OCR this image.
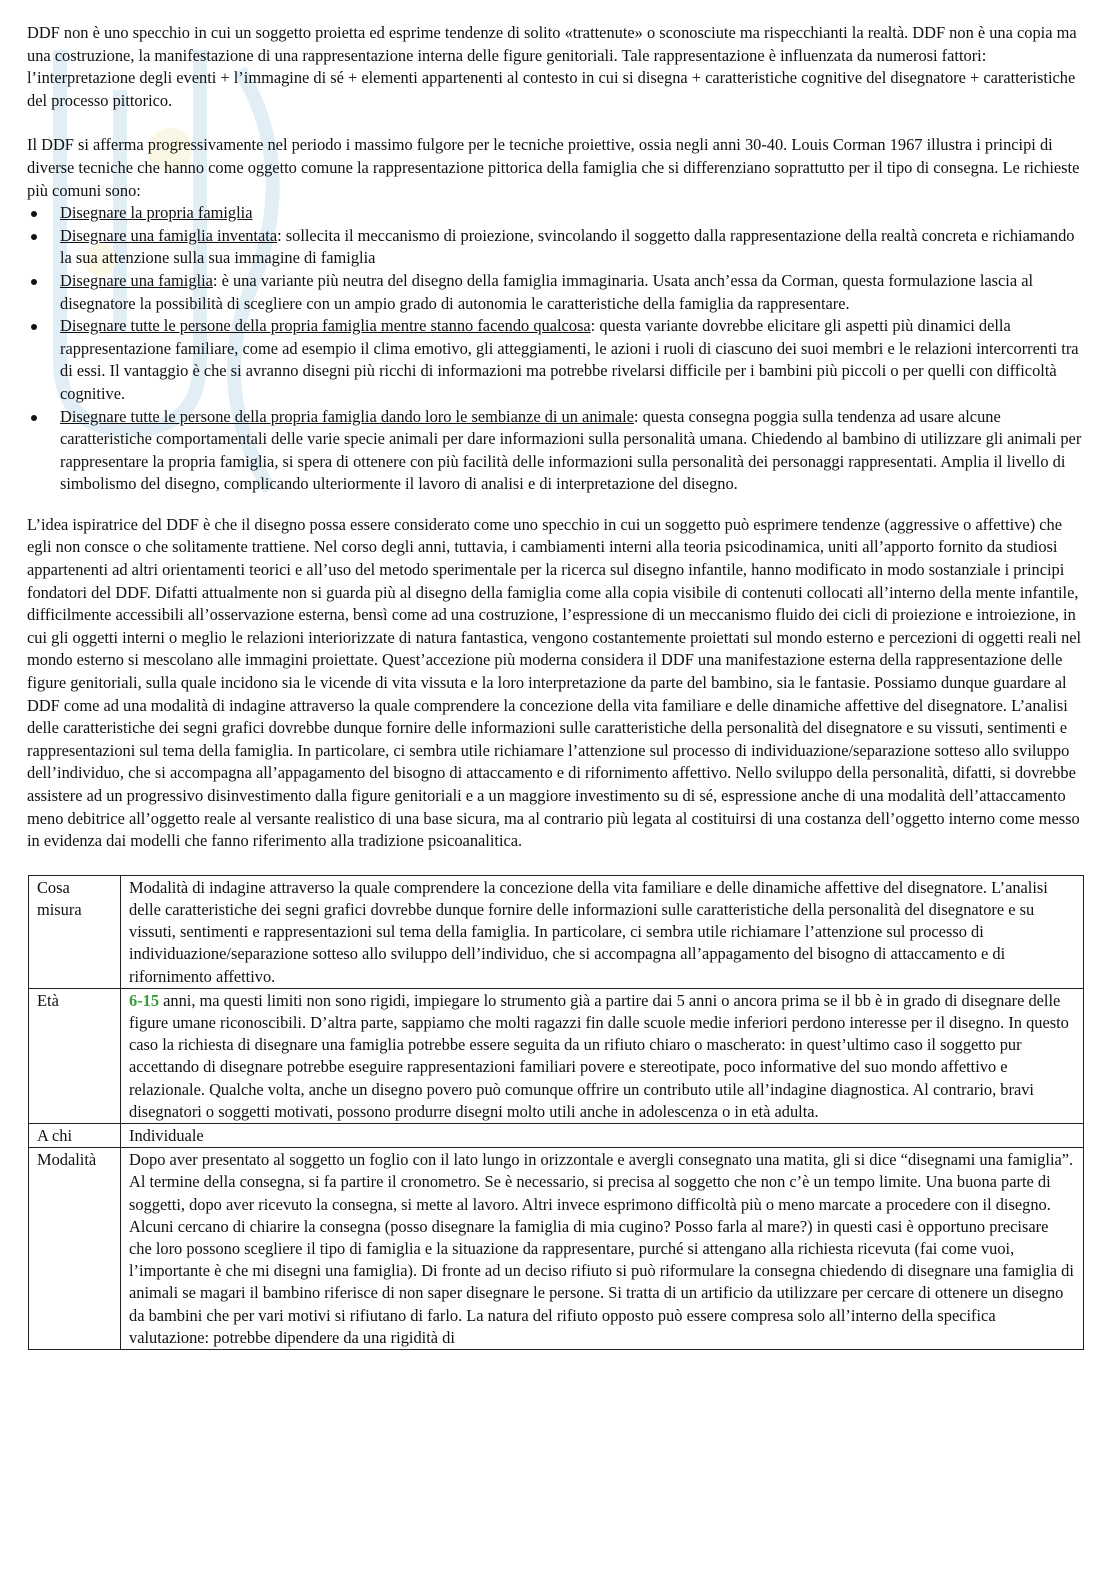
DDF non è uno specchio in cui un soggetto proietta ed esprime tendenze di solito «trattenute» o sconosciute ma rispecchianti la realtà. DDF non è una copia ma una costruzione, la manifestazione di una rappresentazione interna delle figure genitoriali. Tale rappresentazione è influenzata da numerosi fattori: l’interpretazione degli eventi + l’immagine di sé + elementi appartenenti al contesto in cui si disegna + caratteristiche cognitive del disegnatore + caratteristiche del processo pittorico.

Il DDF si afferma progressivamente nel periodo i massimo fulgore per le tecniche proiettive, ossia negli anni 30-40. Louis Corman 1967 illustra i principi di diverse tecniche che hanno come oggetto comune la rappresentazione pittorica della famiglia che si differenziano soprattutto per il tipo di consegna. Le richieste più comuni sono:

Disegnare la propria famiglia
Disegnare una famiglia inventata: sollecita il meccanismo di proiezione, svincolando il soggetto dalla rappresentazione della realtà concreta e richiamando la sua attenzione sulla sua immagine di famiglia
Disegnare una famiglia: è una variante più neutra del disegno della famiglia immaginaria. Usata anch’essa da Corman, questa formulazione lascia al disegnatore la possibilità di scegliere con un ampio grado di autonomia le caratteristiche della famiglia da rappresentare.
Disegnare tutte le persone della propria famiglia mentre stanno facendo qualcosa: questa variante dovrebbe elicitare gli aspetti più dinamici della rappresentazione familiare, come ad esempio il clima emotivo, gli atteggiamenti, le azioni i ruoli di ciascuno dei suoi membri e le relazioni intercorrenti tra di essi. Il vantaggio è che si avranno disegni più ricchi di informazioni ma potrebbe rivelarsi difficile per i bambini più piccoli o per quelli con difficoltà cognitive.
Disegnare tutte le persone della propria famiglia dando loro le sembianze di un animale: questa consegna poggia sulla tendenza ad usare alcune caratteristiche comportamentali delle varie specie animali per dare informazioni sulla personalità umana. Chiedendo al bambino di utilizzare gli animali per rappresentare la propria famiglia, si spera di ottenere con più facilità delle informazioni sulla personalità dei personaggi rappresentati. Amplia il livello di simbolismo del disegno, complicando ulteriormente il lavoro di analisi e di interpretazione del disegno.

L’idea ispiratrice del DDF è che il disegno possa essere considerato come uno specchio in cui un soggetto può esprimere tendenze (aggressive o affettive) che egli non consce o che solitamente trattiene. Nel corso degli anni, tuttavia, i cambiamenti interni alla teoria psicodinamica, uniti all’apporto fornito da studiosi appartenenti ad altri orientamenti teorici e all’uso del metodo sperimentale per la ricerca sul disegno infantile, hanno modificato in modo sostanziale i principi fondatori del DDF. Difatti attualmente non si guarda più al disegno della famiglia come alla copia visibile di contenuti collocati all’interno della mente infantile, difficilmente accessibili all’osservazione esterna, bensì come ad una costruzione, l’espressione di un meccanismo fluido dei cicli di proiezione e introiezione, in cui gli oggetti interni o meglio le relazioni interiorizzate di natura fantastica, vengono costantemente proiettati sul mondo esterno e percezioni di oggetti reali nel mondo esterno si mescolano alle immagini proiettate. Quest’accezione più moderna considera il DDF una manifestazione esterna della rappresentazione delle figure genitoriali, sulla quale incidono sia le vicende di vita vissuta e la loro interpretazione da parte del bambino, sia le fantasie. Possiamo dunque guardare al DDF come ad una modalità di indagine attraverso la quale comprendere la concezione della vita familiare e delle dinamiche affettive del disegnatore. L’analisi delle caratteristiche dei segni grafici dovrebbe dunque fornire delle informazioni sulle caratteristiche della personalità del disegnatore e su vissuti, sentimenti e rappresentazioni sul tema della famiglia. In particolare, ci sembra utile richiamare l’attenzione sul processo di individuazione/separazione sotteso allo sviluppo dell’individuo, che si accompagna all’appagamento del bisogno di attaccamento e di rifornimento affettivo. Nello sviluppo della personalità, difatti, si dovrebbe assistere ad un progressivo disinvestimento dalla figure genitoriali e a un maggiore investimento su di sé, espressione anche di una modalità dell’attaccamento meno debitrice all’oggetto reale al versante realistico di una base sicura, ma al contrario più legata al costituirsi di una costanza dell’oggetto interno come messo in evidenza dai modelli che fanno riferimento alla tradizione psicoanalitica.

Cosa misura	Modalità di indagine attraverso la quale comprendere la concezione della vita familiare e delle dinamiche affettive del disegnatore. L’analisi delle caratteristiche dei segni grafici dovrebbe dunque fornire delle informazioni sulle caratteristiche della personalità del disegnatore e su vissuti, sentimenti e rappresentazioni sul tema della famiglia. In particolare, ci sembra utile richiamare l’attenzione sul processo di individuazione/separazione sotteso allo sviluppo dell’individuo, che si accompagna all’appagamento del bisogno di attaccamento e di rifornimento affettivo.
Età	6-15 anni, ma questi limiti non sono rigidi, impiegare lo strumento già a partire dai 5 anni o ancora prima se il bb è in grado di disegnare delle figure umane riconoscibili. D’altra parte, sappiamo che molti ragazzi fin dalle scuole medie inferiori perdono interesse per il disegno. In questo caso la richiesta di disegnare una famiglia potrebbe essere seguita da un rifiuto chiaro o mascherato: in quest’ultimo caso il soggetto pur accettando di disegnare potrebbe eseguire rappresentazioni familiari povere e stereotipate, poco informative del suo mondo affettivo e relazionale. Qualche volta, anche un disegno povero può comunque offrire un contributo utile all’indagine diagnostica. Al contrario, bravi disegnatori o soggetti motivati, possono produrre disegni molto utili anche in adolescenza o in età adulta.
A chi	Individuale
Modalità	Dopo aver presentato al soggetto un foglio con il lato lungo in orizzontale e avergli consegnato una matita, gli si dice “disegnami una famiglia”. Al termine della consegna, si fa partire il cronometro. Se è necessario, si precisa al soggetto che non c’è un tempo limite. Una buona parte di soggetti, dopo aver ricevuto la consegna, si mette al lavoro. Altri invece esprimono difficoltà più o meno marcate a procedere con il disegno. Alcuni cercano di chiarire la consegna (posso disegnare la famiglia di mia cugino? Posso farla al mare?) in questi casi è opportuno precisare che loro possono scegliere il tipo di famiglia e la situazione da rappresentare, purché si attengano alla richiesta ricevuta (fai come vuoi, l’importante è che mi disegni una famiglia). Di fronte ad un deciso rifiuto si può riformulare la consegna chiedendo di disegnare una famiglia di animali se magari il bambino riferisce di non saper disegnare le persone. Si tratta di un artificio da utilizzare per cercare di ottenere un disegno da bambini che per vari motivi si rifiutano di farlo. La natura del rifiuto opposto può essere compresa solo all’interno della specifica valutazione: potrebbe dipendere da una rigidità di
